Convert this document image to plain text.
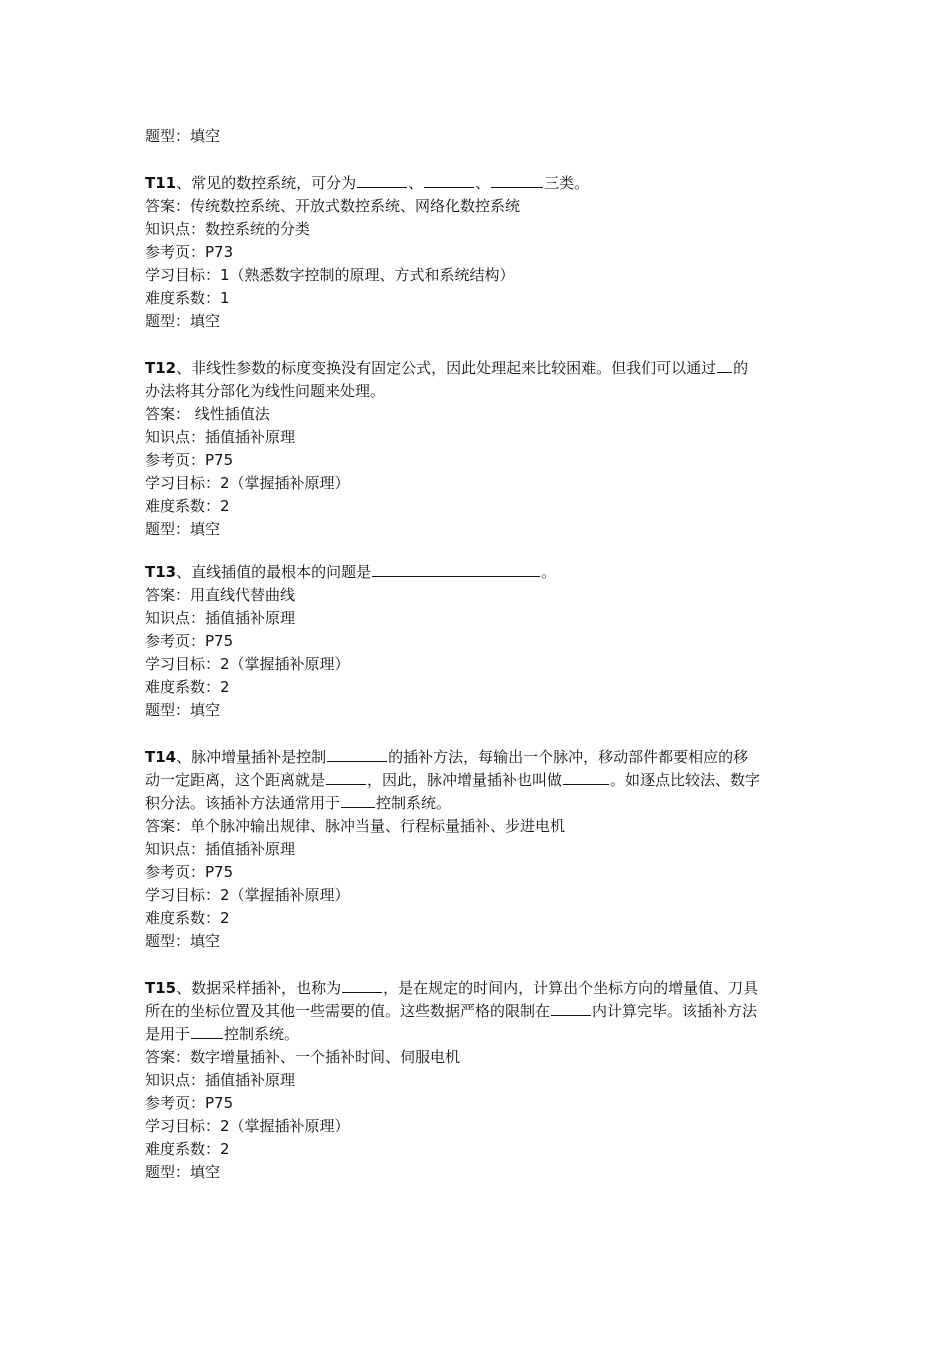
题型：填空
T11、常见的数控系统，可分为	、	、	三类。
答案：传统数控系统、开放式数控系统、网络化数控系统
知识点：数控系统的分类
参考页：P73
学习目标：1（熟悉数字控制的原理、方式和系统结构）
难度系数：1
题型：填空
T12、非线性参数的标度变换没有固定公式，因此处理起来比较困难。但我们可以通过 的
办法将其分部化为线性问题来处理。
答案： 线性插值法
知识点：插值插补原理
参考页：P75
学习目标：2（掌握插补原理）
难度系数：2
题型：填空
T13、直线插值的最根本的问题是	。
答案：用直线代替曲线
知识点：插值插补原理
参考页：P75
学习目标：2（掌握插补原理）
难度系数：2
题型：填空
T14、脉冲增量插补是控制	的插补方法，每输出一个脉冲，移动部件都要相应的移
动一定距离，这个距离就是	，因此，脉冲增量插补也叫做	。如逐点比较法、数字
积分法。该插补方法通常用于 控制系统。
答案：单个脉冲输出规律、脉冲当量、行程标量插补、步进电机
知识点：插值插补原理
参考页：P75
学习目标：2（掌握插补原理）
难度系数：2
题型：填空
T15、数据采样插补，也称为	，是在规定的时间内，计算出个坐标方向的增量值、刀具
所在的坐标位置及其他一些需要的值。这些数据严格的限制在	内计算完毕。该插补方法
是用于 控制系统。
答案：数字增量插补、一个插补时间、伺服电机
知识点：插值插补原理
参考页：P75
学习目标：2（掌握插补原理）
难度系数：2
题型：填空
